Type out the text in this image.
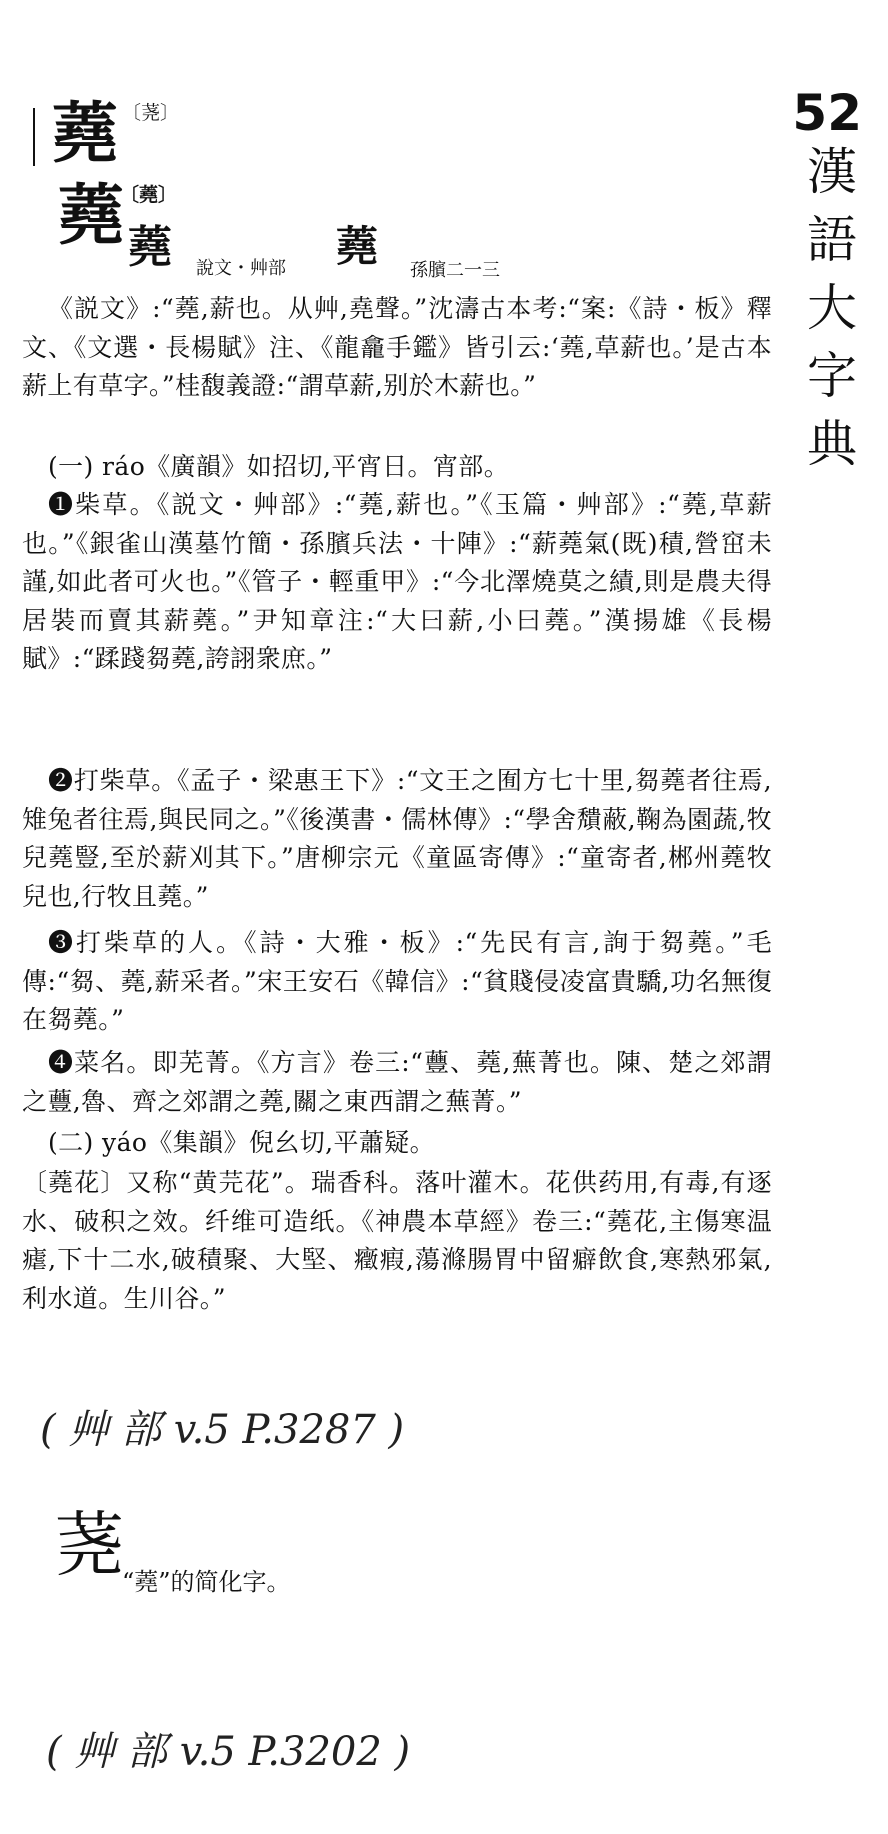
52
漢語大字典
蕘 〔荛〕
蕘
〔蕘〕
蕘 說文・艸部 蕘 孫臏二一三

《説文》:“蕘,薪也。从艸,堯聲。”沈濤古本考:“案:《詩・板》釋文、《文選・長楊賦》注、《龍龕手鑑》皆引云:‘蕘,草薪也。’是古本薪上有草字。”桂馥義證:“謂草薪,别於木薪也。”

(一) ráo《廣韻》如招切,平宵日。宵部。

❶柴草。《説文・艸部》:“蕘,薪也。”《玉篇・艸部》:“蕘,草薪也。”《銀雀山漢墓竹簡・孫臏兵法・十陣》:“薪蕘氣(既)積,營窋未謹,如此者可火也。”《管子・輕重甲》:“今北澤燒莫之績,則是農夫得居裝而賣其薪蕘。”尹知章注:“大曰薪,小曰蕘。”漢揚雄《長楊賦》:“蹂踐芻蕘,誇詡衆庶。”

❷打柴草。《孟子・梁惠王下》:“文王之囿方七十里,芻蕘者往焉,雉兔者往焉,與民同之。”《後漢書・儒林傳》:“學舍穨蔽,鞠為園蔬,牧兒蕘豎,至於薪刈其下。”唐柳宗元《童區寄傳》:“童寄者,郴州蕘牧兒也,行牧且蕘。”

❸打柴草的人。《詩・大雅・板》:“先民有言,詢于芻蕘。”毛傳:“芻、蕘,薪采者。”宋王安石《韓信》:“貧賤侵凌富貴驕,功名無復在芻蕘。”

❹菜名。即芜菁。《方言》卷三:“蘴、蕘,蕪菁也。陳、楚之郊謂之蘴,魯、齊之郊謂之蕘,關之東西謂之蕪菁。”

(二) yáo《集韻》倪幺切,平蕭疑。

〔蕘花〕又称“黄芫花”。瑞香科。落叶灌木。花供药用,有毒,有逐水、破积之效。纤维可造纸。《神農本草經》卷三:“蕘花,主傷寒温瘧,下十二水,破積聚、大堅、癥瘕,蕩滌腸胃中留癖飲食,寒熱邪氣,利水道。生川谷。”

( 艸 部 v.5 P.3287 )
荛
“蕘”的简化字。
( 艸 部 v.5 P.3202 )
